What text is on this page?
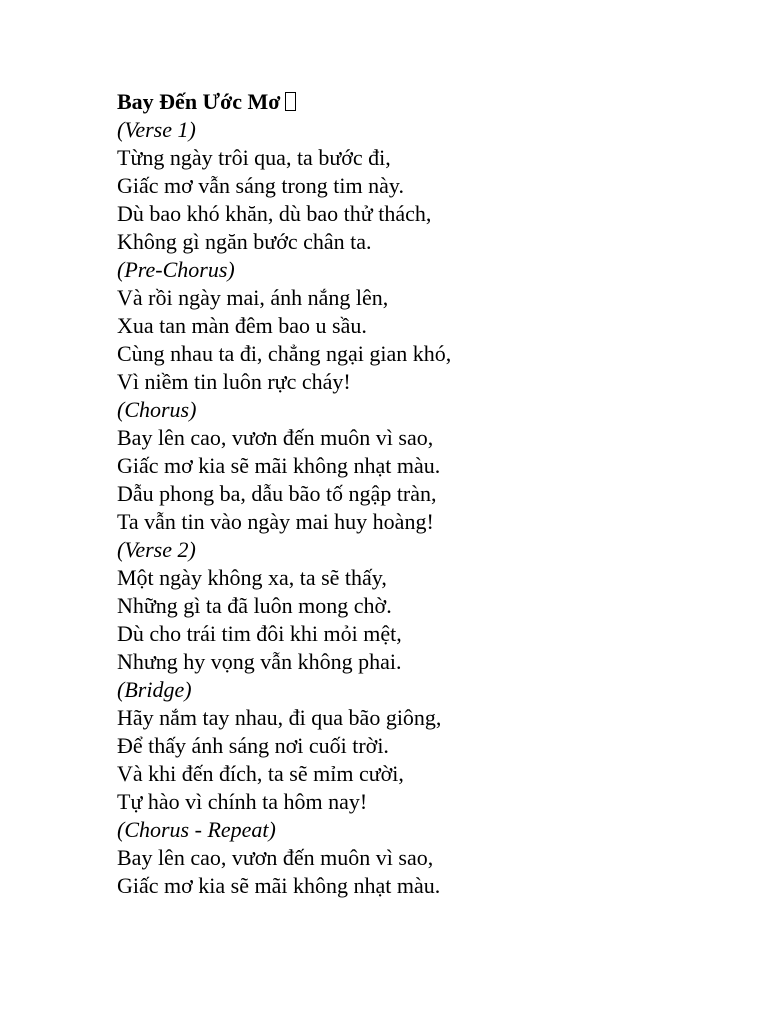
Bay Đến Ước Mơ
(Verse 1)
Từng ngày trôi qua, ta bước đi,
Giấc mơ vẫn sáng trong tim này.
Dù bao khó khăn, dù bao thử thách,
Không gì ngăn bước chân ta.
(Pre-Chorus)
Và rồi ngày mai, ánh nắng lên,
Xua tan màn đêm bao u sầu.
Cùng nhau ta đi, chẳng ngại gian khó,
Vì niềm tin luôn rực cháy!
(Chorus)
Bay lên cao, vươn đến muôn vì sao,
Giấc mơ kia sẽ mãi không nhạt màu.
Dẫu phong ba, dẫu bão tố ngập tràn,
Ta vẫn tin vào ngày mai huy hoàng!
(Verse 2)
Một ngày không xa, ta sẽ thấy,
Những gì ta đã luôn mong chờ.
Dù cho trái tim đôi khi mỏi mệt,
Nhưng hy vọng vẫn không phai.
(Bridge)
Hãy nắm tay nhau, đi qua bão giông,
Để thấy ánh sáng nơi cuối trời.
Và khi đến đích, ta sẽ mỉm cười,
Tự hào vì chính ta hôm nay!
(Chorus - Repeat)
Bay lên cao, vươn đến muôn vì sao,
Giấc mơ kia sẽ mãi không nhạt màu.
